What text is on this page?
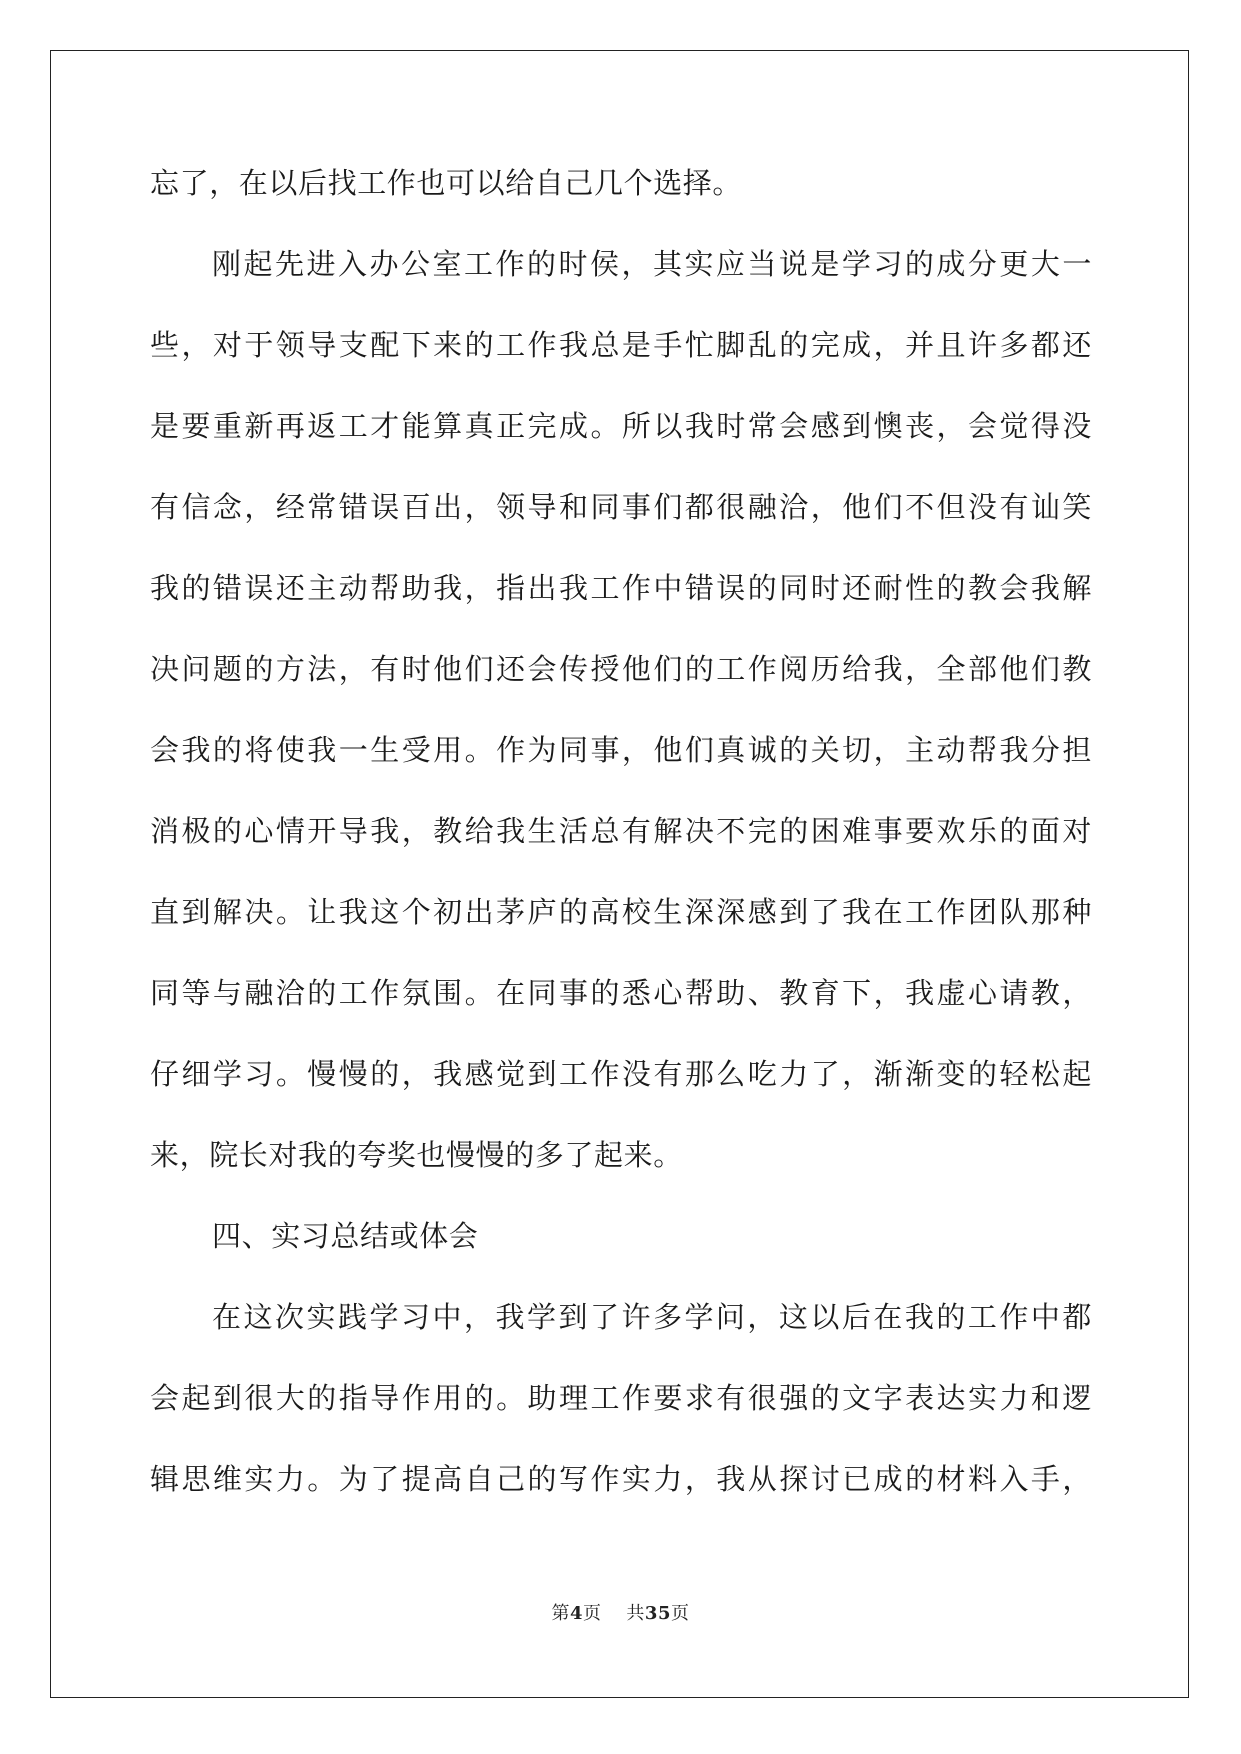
忘了，在以后找工作也可以给自己几个选择。
刚起先进入办公室工作的时侯，其实应当说是学习的成分更大一
些，对于领导支配下来的工作我总是手忙脚乱的完成，并且许多都还
是要重新再返工才能算真正完成。所以我时常会感到懊丧，会觉得没
有信念，经常错误百出，领导和同事们都很融洽，他们不但没有讪笑
我的错误还主动帮助我，指出我工作中错误的同时还耐性的教会我解
决问题的方法，有时他们还会传授他们的工作阅历给我，全部他们教
会我的将使我一生受用。作为同事，他们真诚的关切，主动帮我分担
消极的心情开导我，教给我生活总有解决不完的困难事要欢乐的面对
直到解决。让我这个初出茅庐的高校生深深感到了我在工作团队那种
同等与融洽的工作氛围。在同事的悉心帮助、教育下，我虚心请教，
仔细学习。慢慢的，我感觉到工作没有那么吃力了，渐渐变的轻松起
来，院长对我的夸奖也慢慢的多了起来。
四、实习总结或体会
在这次实践学习中，我学到了许多学问，这以后在我的工作中都
会起到很大的指导作用的。助理工作要求有很强的文字表达实力和逻
辑思维实力。为了提高自己的写作实力，我从探讨已成的材料入手，
第4页 共35页
